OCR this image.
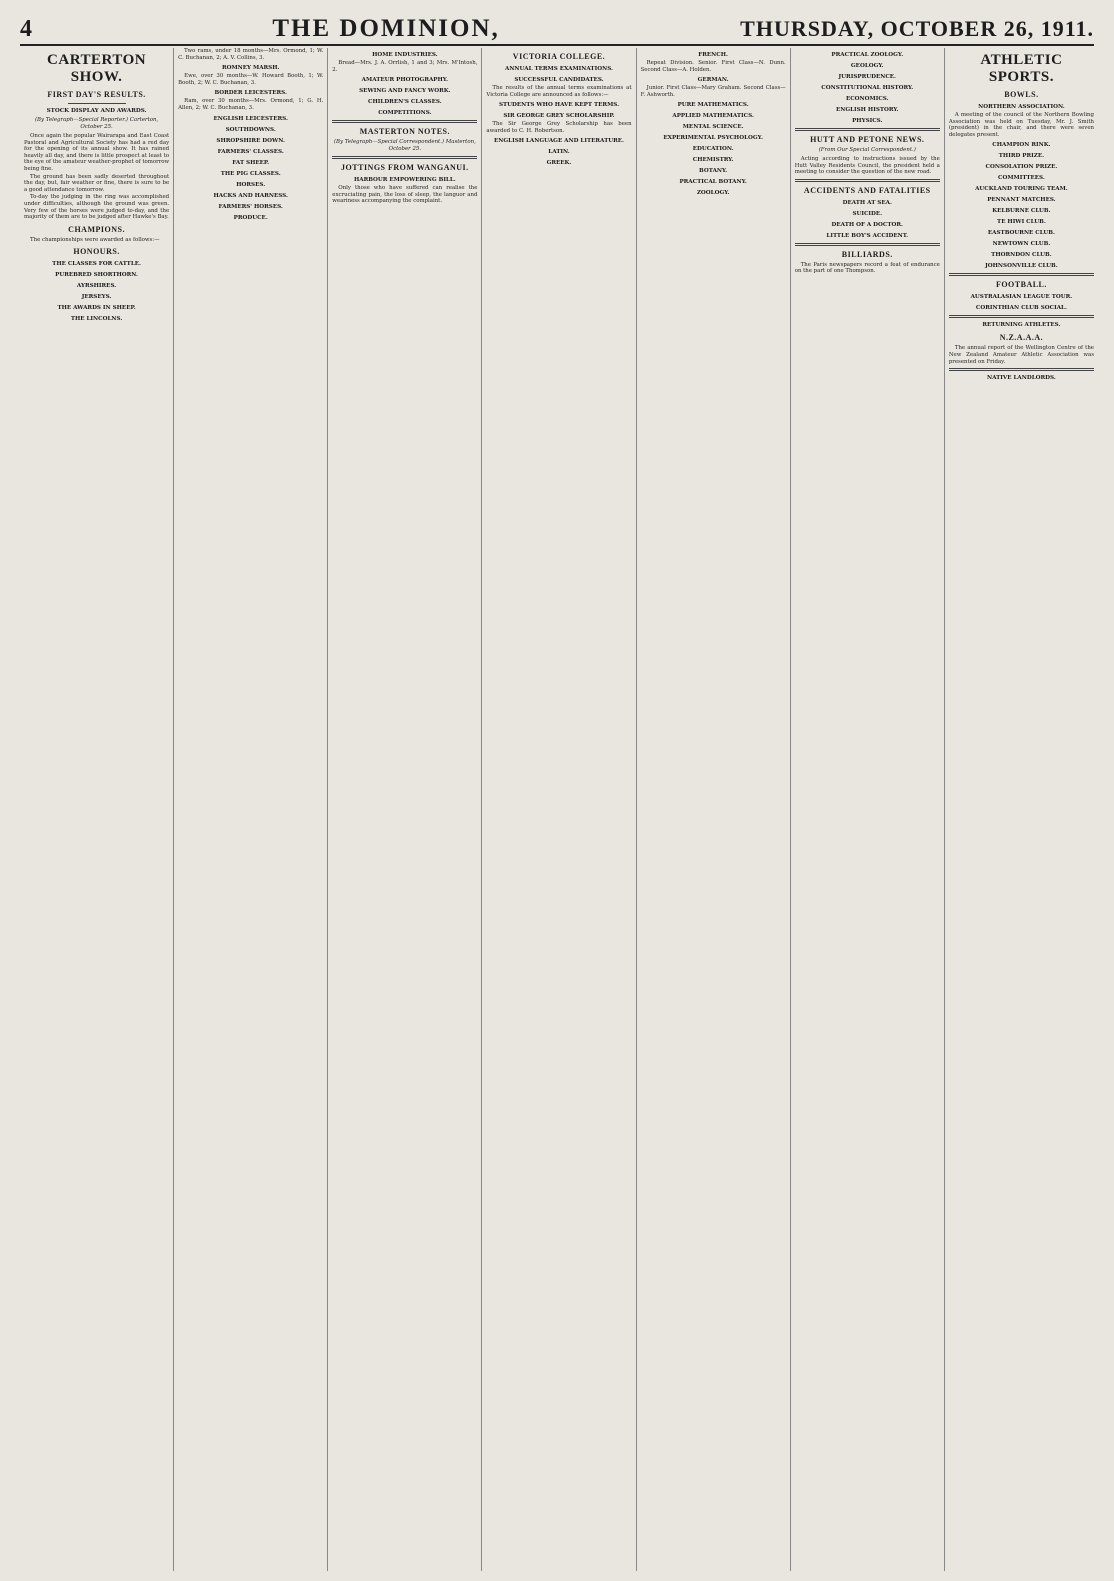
4	THE DOMINION,	THURSDAY, OCTOBER 26, 1911.
CARTERTON SHOW.
FIRST DAY'S RESULTS.
STOCK DISPLAY AND AWARDS.
(By Telegraph—Special Reporter.) Carterton, October 25.

Once again the popular Wairarapa and East Coast Pastoral and Agricultural Society has had a red day for the opening of its annual show. It has rained heavily all day, and there is little prospect at least to the eye of the amateur weather-prophet of tomorrow being fine.

The ground has been sadly deserted throughout the day, but, fair weather or fine, there is sure to be a good attendance tomorrow.

To-day the judging in the ring was accomplished under difficulties, although the ground was green. Very few of the horses were judged to-day, and the majority of them are to be judged after Hawke's Bay.

CHAMPIONS.

The championships were awarded as follows:—

HONOURS.
THE CLASSES FOR CATTLE.
PUREBRED SHORTHORN.
AYRSHIRES.
JERSEYS.
THE AWARDS IN SHEEP.
THE LINCOLNS.

Two rams, under 18 months—Mrs. Ormond, 1; W. C. Buchanan, 2; A. V. Collins, 3.

ROMNEY MARSH.

Ewe, over 30 months—W. Howard Booth, 1; W. Booth, 2; W. C. Buchanan, 3.

BORDER LEICESTERS.

Ram, over 30 months—Mrs. Ormond, 1; G. H. Allen, 2; W. C. Buchanan, 3.

ENGLISH LEICESTERS.
SOUTHDOWNS.
SHROPSHIRE DOWN.
FARMERS' CLASSES.
FAT SHEEP.
THE PIG CLASSES.
HORSES.
HACKS AND HARNESS.
FARMERS' HORSES.
PRODUCE.
HOME INDUSTRIES.

Bread—Mrs. J. A. Orrlish, 1 and 3; Mrs. M'Intosh, 2.

AMATEUR PHOTOGRAPHY.
SEWING AND FANCY WORK.
CHILDREN'S CLASSES.
COMPETITIONS.
MASTERTON NOTES.
(By Telegraph—Special Correspondent.) Masterton, October 25.
JOTTINGS FROM WANGANUI.
HARBOUR EMPOWERING BILL.

Only those who have suffered can realise the excruciating pain, the loss of sleep, the languor and weariness accompanying the complaint.

VICTORIA COLLEGE.
ANNUAL TERMS EXAMINATIONS.
SUCCESSFUL CANDIDATES.

The results of the annual terms examinations at Victoria College are announced as follows:—

STUDENTS WHO HAVE KEPT TERMS.
SIR GEORGE GREY SCHOLARSHIP.

The Sir George Grey Scholarship has been awarded to C. H. Robertson.

ENGLISH LANGUAGE AND LITERATURE.
LATIN.
GREEK.
FRENCH.

Repeat Division. Senior. First Class—N. Dunn. Second Class—A. Holden.

GERMAN.

Junior. First Class—Mary Graham. Second Class—F. Ashworth.

PURE MATHEMATICS.
APPLIED MATHEMATICS.
MENTAL SCIENCE.
EXPERIMENTAL PSYCHOLOGY.
EDUCATION.
CHEMISTRY.
BOTANY.
PRACTICAL BOTANY.
ZOOLOGY.
PRACTICAL ZOOLOGY.
GEOLOGY.
JURISPRUDENCE.
CONSTITUTIONAL HISTORY.
ECONOMICS.
ENGLISH HISTORY.
PHYSICS.
HUTT AND PETONE NEWS.
(From Our Special Correspondent.)

Acting according to instructions issued by the Hutt Valley Residents Council, the president held a meeting to consider the question of the new road.

ACCIDENTS AND FATALITIES
DEATH AT SEA.
SUICIDE.
DEATH OF A DOCTOR.
LITTLE BOY'S ACCIDENT.
BILLIARDS.

The Paris newspapers record a feat of endurance on the part of one Thompson.

ATHLETIC SPORTS.
BOWLS.
NORTHERN ASSOCIATION.

A meeting of the council of the Northern Bowling Association was held on Tuesday, Mr. J. Smith (president) in the chair, and there were seven delegates present.

CHAMPION RINK.
THIRD PRIZE.
CONSOLATION PRIZE.
COMMITTEES.
AUCKLAND TOURING TEAM.
PENNANT MATCHES.
KELBURNE CLUB.
TE HIWI CLUB.
EASTBOURNE CLUB.
NEWTOWN CLUB.
THORNDON CLUB.
JOHNSONVILLE CLUB.
FOOTBALL.
AUSTRALASIAN LEAGUE TOUR.
CORINTHIAN CLUB SOCIAL.
RETURNING ATHLETES.
N.Z.A.A.A.

The annual report of the Wellington Centre of the New Zealand Amateur Athletic Association was presented on Friday.

NATIVE LANDLORDS.
